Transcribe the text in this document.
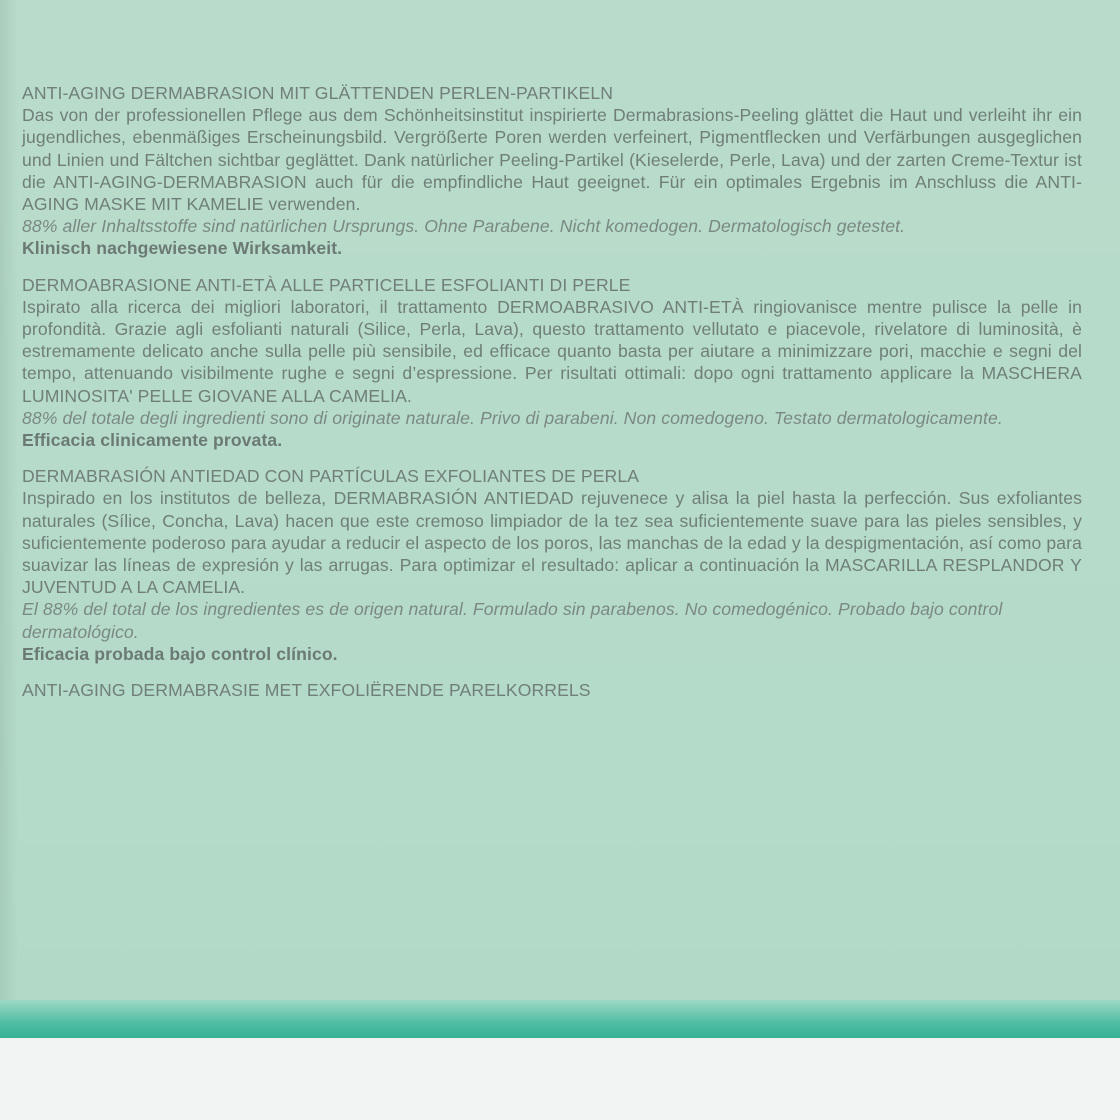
ANTI-AGING DERMABRASION MIT GLÄTTENDEN PERLEN-PARTIKELN
Das von der professionellen Pflege aus dem Schönheitsinstitut inspirierte Dermabrasions-Peeling glättet die Haut und verleiht ihr ein jugendliches, ebenmäßiges Erscheinungsbild. Vergrößerte Poren werden verfeinert, Pigmentflecken und Verfärbungen ausgeglichen und Linien und Fältchen sichtbar geglättet. Dank natürlicher Peeling-Partikel (Kieselerde, Perle, Lava) und der zarten Creme-Textur ist die ANTI-AGING-DERMABRASION auch für die empfindliche Haut geeignet. Für ein optimales Ergebnis im Anschluss die ANTI-AGING MASKE MIT KAMELIE verwenden.
88% aller Inhaltsstoffe sind natürlichen Ursprungs. Ohne Parabene. Nicht komedogen. Dermatologisch getestet.
Klinisch nachgewiesene Wirksamkeit.
DERMOABRASIONE ANTI-ETÀ ALLE PARTICELLE ESFOLIANTI DI PERLE
Ispirato alla ricerca dei migliori laboratori, il trattamento DERMOABRASIVO ANTI-ETÀ ringiovanisce mentre pulisce la pelle in profondità. Grazie agli esfolianti naturali (Silice, Perla, Lava), questo trattamento vellutato e piacevole, rivelatore di luminosità, è estremamente delicato anche sulla pelle più sensibile, ed efficace quanto basta per aiutare a minimizzare pori, macchie e segni del tempo, attenuando visibilmente rughe e segni d’espressione. Per risultati ottimali: dopo ogni trattamento applicare la MASCHERA LUMINOSITA' PELLE GIOVANE ALLA CAMELIA.
88% del totale degli ingredienti sono di originate naturale. Privo di parabeni. Non comedogeno. Testato dermatologicamente.
Efficacia clinicamente provata.
DERMABRASIÓN ANTIEDAD CON PARTÍCULAS EXFOLIANTES DE PERLA
Inspirado en los institutos de belleza, DERMABRASIÓN ANTIEDAD rejuvenece y alisa la piel hasta la perfección. Sus exfoliantes naturales (Sílice, Concha, Lava) hacen que este cremoso limpiador de la tez sea suficientemente suave para las pieles sensibles, y suficientemente poderoso para ayudar a reducir el aspecto de los poros, las manchas de la edad y la despigmentación, así como para suavizar las líneas de expresión y las arrugas. Para optimizar el resultado: aplicar a continuación la MASCARILLA RESPLANDOR Y JUVENTUD A LA CAMELIA.
El 88% del total de los ingredientes es de origen natural. Formulado sin parabenos. No comedogénico. Probado bajo control dermatológico.
Eficacia probada bajo control clínico.
ANTI-AGING DERMABRASIE MET EXFOLIËRENDE PARELKORRELS
